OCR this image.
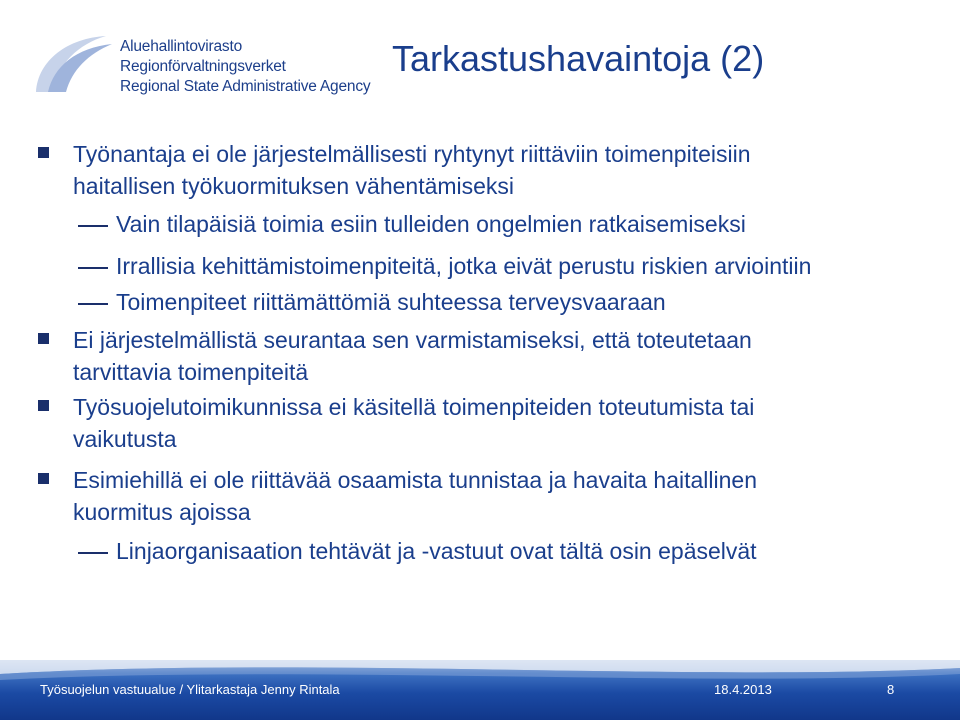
Aluehallintovirasto
Regionförvaltningsverket
Regional State Administrative Agency
Tarkastushavaintoja (2)
Työnantaja ei ole järjestelmällisesti ryhtynyt riittäviin toimenpiteisiin
haitallisen työkuormituksen vähentämiseksi
Vain tilapäisiä toimia esiin tulleiden ongelmien ratkaisemiseksi
Irrallisia kehittämistoimenpiteitä, jotka eivät perustu riskien arviointiin
Toimenpiteet riittämättömiä suhteessa terveysvaaraan
Ei järjestelmällistä seurantaa sen varmistamiseksi, että toteutetaan
tarvittavia toimenpiteitä
Työsuojelutoimikunnissa ei käsitellä toimenpiteiden toteutumista tai
vaikutusta
Esimiehillä ei ole riittävää osaamista tunnistaa ja havaita haitallinen
kuormitus ajoissa
Linjaorganisaation tehtävät ja -vastuut ovat tältä osin epäselvät
Työsuojelun vastuualue / Ylitarkastaja Jenny Rintala	18.4.2013	8
